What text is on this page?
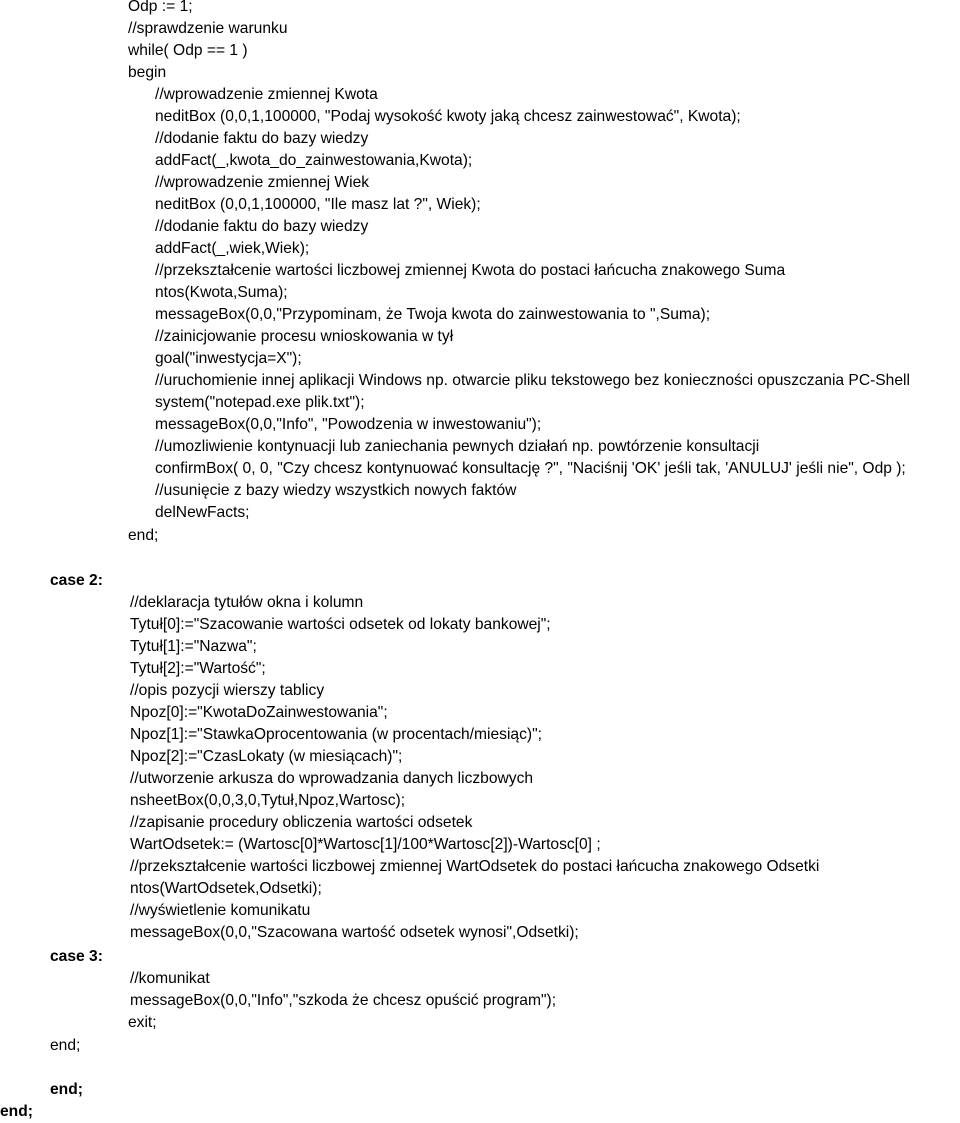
Odp := 1;
//sprawdzenie warunku
while( Odp == 1 )
begin
//wprowadzenie zmiennej Kwota
neditBox (0,0,1,100000, "Podaj wysokość kwoty jaką chcesz zainwestować", Kwota);
//dodanie faktu do bazy wiedzy
addFact(_,kwota_do_zainwestowania,Kwota);
//wprowadzenie zmiennej Wiek
neditBox (0,0,1,100000, "Ile masz lat ?", Wiek);
//dodanie faktu do bazy wiedzy
addFact(_,wiek,Wiek);
//przekształcenie wartości liczbowej zmiennej Kwota do postaci łańcucha znakowego Suma
ntos(Kwota,Suma);
messageBox(0,0,"Przypominam, że Twoja kwota do zainwestowania to ",Suma);
//zainicjowanie procesu wnioskowania w tył
goal("inwestycja=X");
//uruchomienie innej aplikacji Windows np. otwarcie pliku tekstowego bez konieczności opuszczania PC-Shell
system("notepad.exe plik.txt");
messageBox(0,0,"Info", "Powodzenia w inwestowaniu");
//umozliwienie kontynuacji lub zaniechania pewnych działań np. powtórzenie konsultacji
confirmBox( 0, 0, "Czy chcesz kontynuować konsultację ?", "Naciśnij 'OK' jeśli tak, 'ANULUJ' jeśli nie", Odp );
//usunięcie z bazy wiedzy wszystkich nowych faktów
delNewFacts;
end;
case 2:
//deklaracja tytułów okna i kolumn
Tytuł[0]:="Szacowanie wartości odsetek od lokaty bankowej";
Tytuł[1]:="Nazwa";
Tytuł[2]:="Wartość";
//opis pozycji wierszy tablicy
Npoz[0]:="KwotaDoZainwestowania";
Npoz[1]:="StawkaOprocentowania (w procentach/miesiąc)";
Npoz[2]:="CzasLokaty (w miesiącach)";
//utworzenie arkusza do wprowadzania danych liczbowych
nsheetBox(0,0,3,0,Tytuł,Npoz,Wartosc);
//zapisanie procedury obliczenia wartości odsetek
WartOdsetek:= (Wartosc[0]*Wartosc[1]/100*Wartosc[2])-Wartosc[0] ;
//przekształcenie wartości liczbowej zmiennej WartOdsetek do postaci łańcucha znakowego Odsetki
ntos(WartOdsetek,Odsetki);
//wyświetlenie komunikatu
messageBox(0,0,"Szacowana wartość odsetek wynosi",Odsetki);
case 3:
//komunikat
messageBox(0,0,"Info","szkoda że chcesz opuścić program");
exit;
end;
end;
end;
